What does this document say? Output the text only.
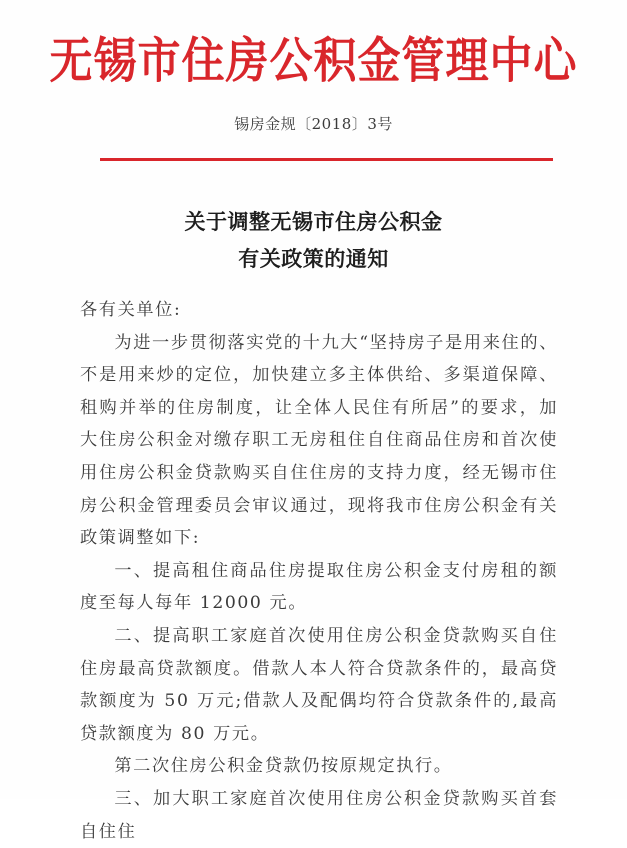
无锡市住房公积金管理中心
锡房金规〔2018〕3号
关于调整无锡市住房公积金
有关政策的通知

各有关单位:

为进一步贯彻落实党的十九大“坚持房子是用来住的、不是用来炒的定位，加快建立多主体供给、多渠道保障、租购并举的住房制度，让全体人民住有所居”的要求，加大住房公积金对缴存职工无房租住自住商品住房和首次使用住房公积金贷款购买自住住房的支持力度，经无锡市住房公积金管理委员会审议通过，现将我市住房公积金有关政策调整如下:

一、提高租住商品住房提取住房公积金支付房租的额度至每人每年 12000 元。

二、提高职工家庭首次使用住房公积金贷款购买自住住房最高贷款额度。借款人本人符合贷款条件的，最高贷款额度为 50 万元;借款人及配偶均符合贷款条件的,最高贷款额度为 80 万元。

第二次住房公积金贷款仍按原规定执行。

三、加大职工家庭首次使用住房公积金贷款购买首套自住住
